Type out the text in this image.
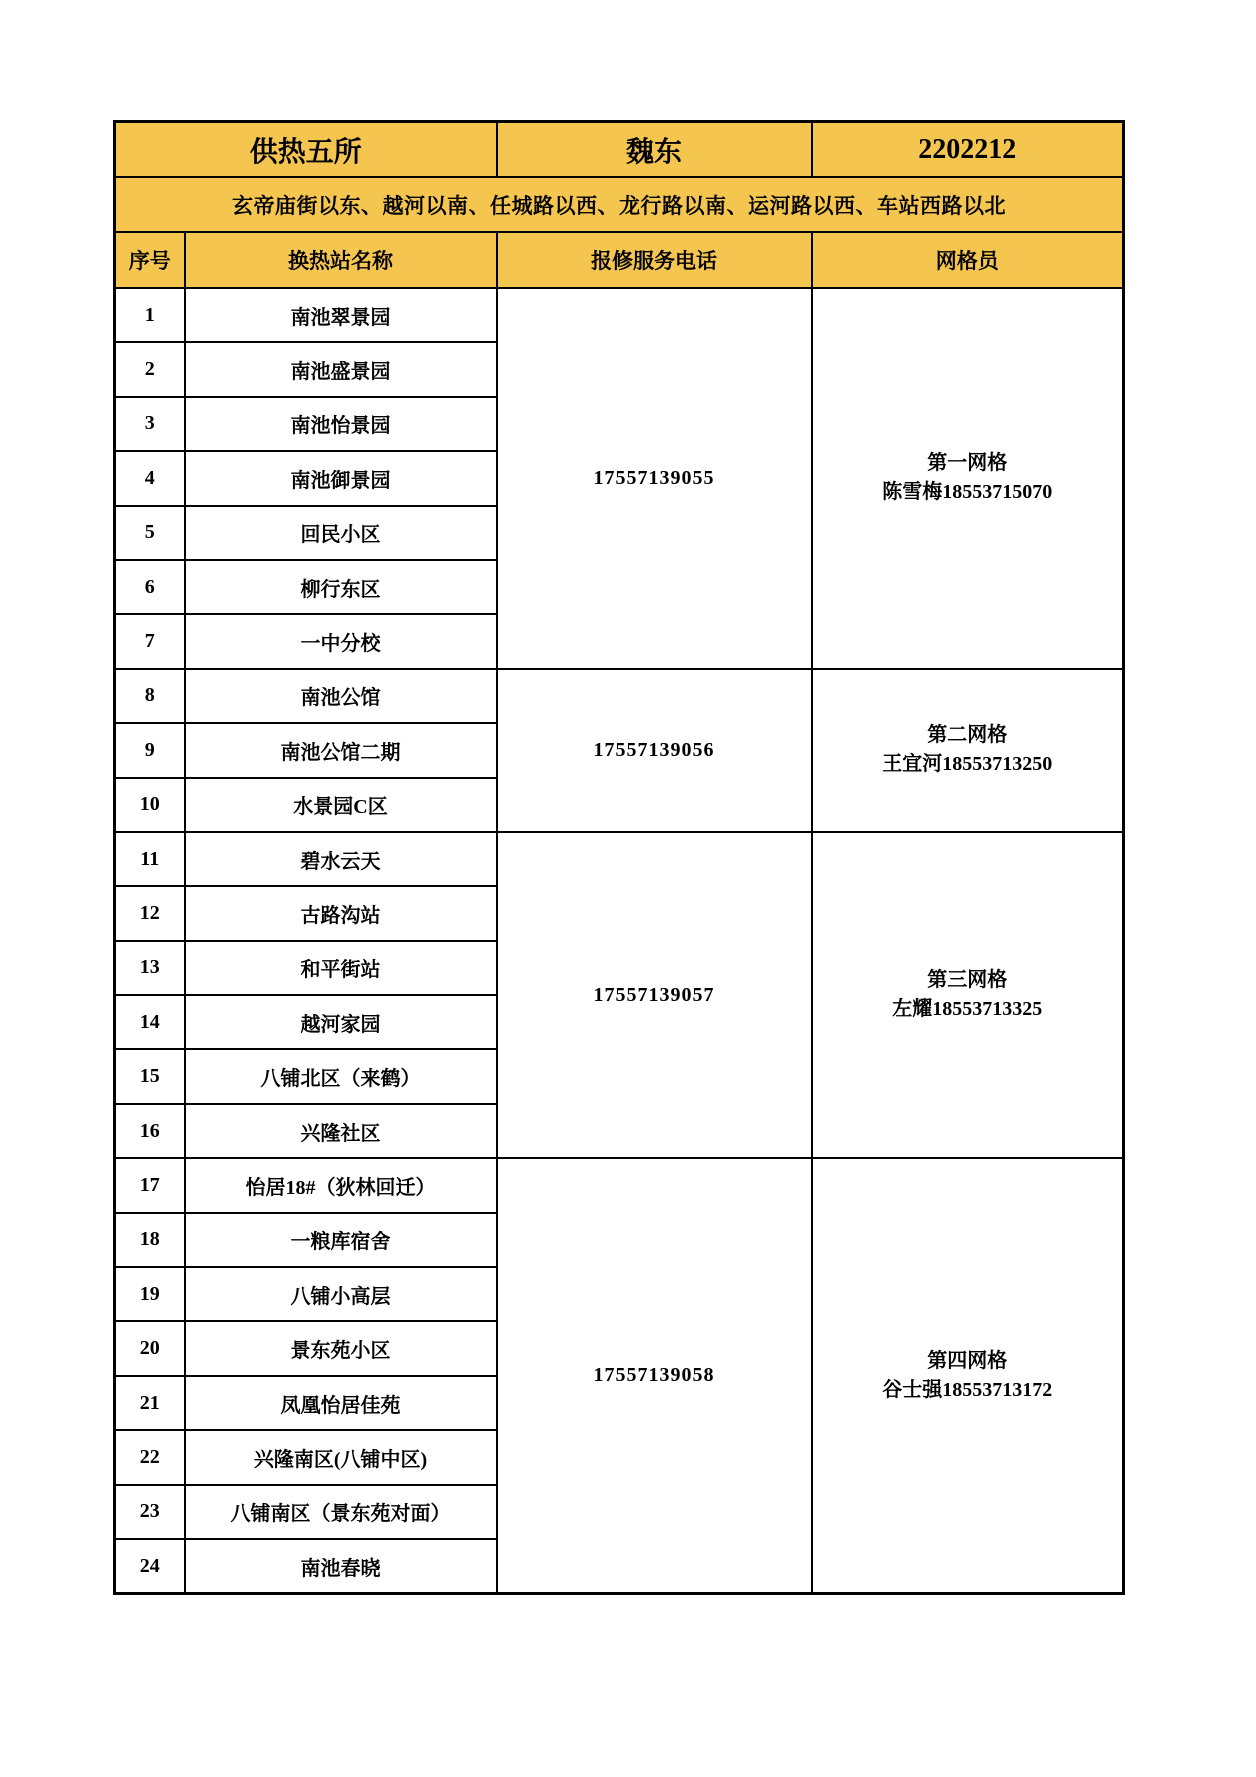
供热五所		魏东	2202212
玄帝庙街以东、越河以南、任城路以西、龙行路以南、运河路以西、车站西路以北			
序号	换热站名称	报修服务电话	网格员
1	南池翠景园	17557139055	第一网格
陈雪梅18553715070

2	南池盛景园		
3	南池怡景园		
4	南池御景园		
5	回民小区		
6	柳行东区		
7	一中分校		
8	南池公馆	17557139056	第二网格
王宜河18553713250

9	南池公馆二期		
10	水景园C区		
11	碧水云天	17557139057	第三网格
左耀18553713325

12	古路沟站		
13	和平街站		
14	越河家园		
15	八铺北区（来鹤）		
16	兴隆社区		
17	怡居18#（狄林回迁）	17557139058	第四网格
谷士强18553713172

18	一粮库宿舍		
19	八铺小高层		
20	景东苑小区		
21	凤凰怡居佳苑		
22	兴隆南区(八铺中区)		
23	八铺南区（景东苑对面）		
24	南池春晓		
